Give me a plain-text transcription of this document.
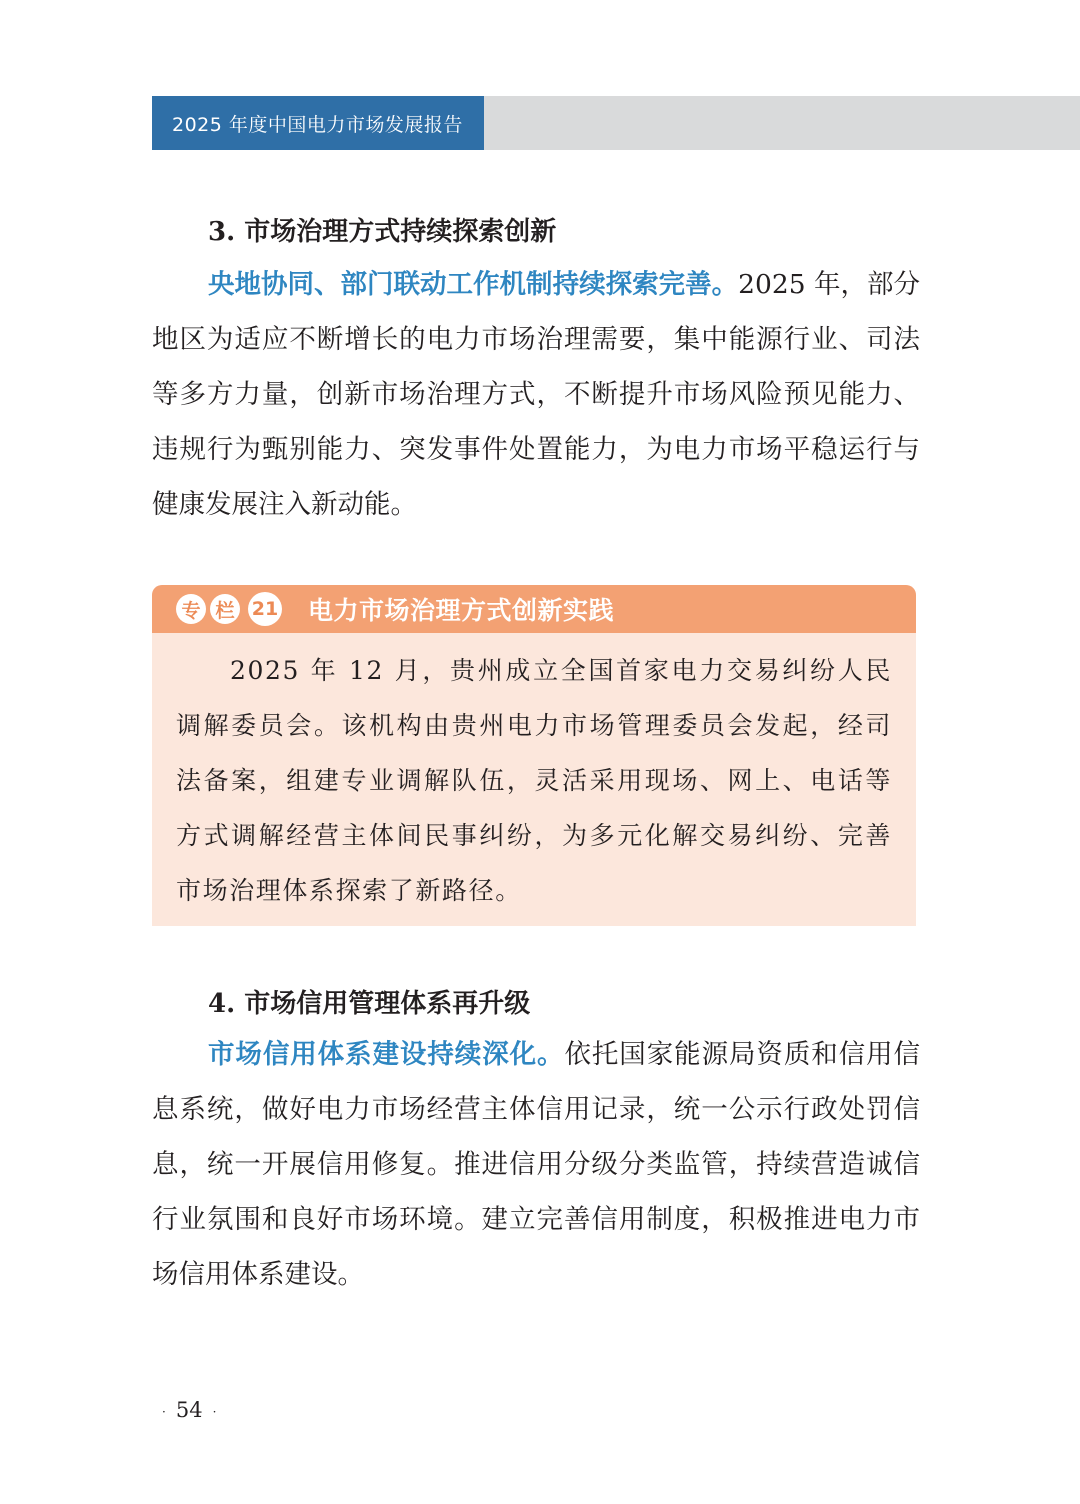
2025 年度中国电力市场发展报告
3. 市场治理方式持续探索创新

央地协同、部门联动工作机制持续探索完善。2025 年，部分地区为适应不断增长的电力市场治理需要，集中能源行业、司法等多方力量，创新市场治理方式，不断提升市场风险预见能力、违规行为甄别能力、突发事件处置能力，为电力市场平稳运行与健康发展注入新动能。

专 栏 21 电力市场治理方式创新实践

2025 年 12 月，贵州成立全国首家电力交易纠纷人民调解委员会。该机构由贵州电力市场管理委员会发起，经司法备案，组建专业调解队伍，灵活采用现场、网上、电话等方式调解经营主体间民事纠纷，为多元化解交易纠纷、完善市场治理体系探索了新路径。

4. 市场信用管理体系再升级

市场信用体系建设持续深化。依托国家能源局资质和信用信息系统，做好电力市场经营主体信用记录，统一公示行政处罚信息，统一开展信用修复。推进信用分级分类监管，持续营造诚信行业氛围和良好市场环境。建立完善信用制度，积极推进电力市场信用体系建设。

· 54 ·
